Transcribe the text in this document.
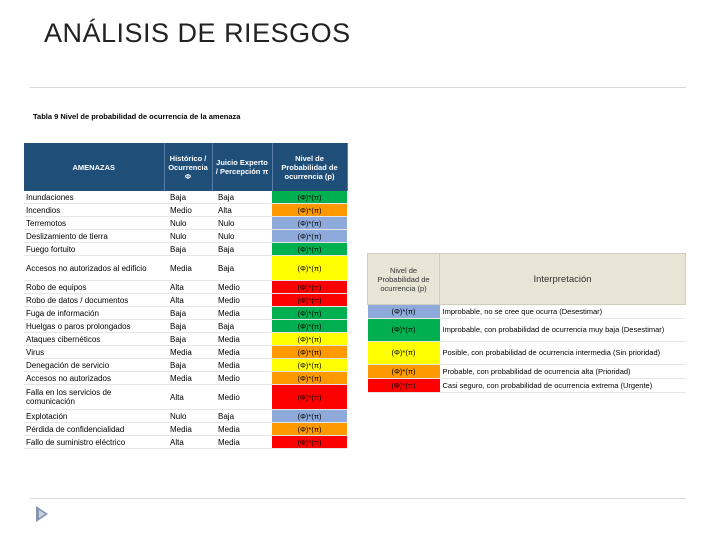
ANÁLISIS DE RIESGOS
Tabla 9 Nivel de probabilidad de ocurrencia de la amenaza
AMENAZAS	Histórico / Ocurrencia Φ	Juicio Experto / Percepción π	Nivel de Probabilidad de ocurrencia (p)
Inundaciones	Baja	Baja	(Φ)*(π)
Incendios	Medio	Alta	(Φ)*(π)
Terremotos	Nulo	Nulo	(Φ)*(π)
Deslizamiento de tierra	Nulo	Nulo	(Φ)*(π)
Fuego fortuito	Baja	Baja	(Φ)*(π)
Accesos no autorizados al edificio	Media	Baja	(Φ)*(π)
Robo de equipos	Alta	Medio	(Φ)*(π)
Robo de datos / documentos	Alta	Medio	(Φ)*(π)
Fuga de información	Baja	Media	(Φ)*(π)
Huelgas o paros prolongados	Baja	Baja	(Φ)*(π)
Ataques cibernéticos	Baja	Media	(Φ)*(π)
Virus	Media	Media	(Φ)*(π)
Denegación de servicio	Baja	Media	(Φ)*(π)
Accesos no autorizados	Media	Medio	(Φ)*(π)
Falla en los servicios de comunicación	Alta	Medio	(Φ)*(π)
Explotación	Nulo	Baja	(Φ)*(π)
Pérdida de confidencialidad	Media	Media	(Φ)*(π)
Fallo de suministro eléctrico	Alta	Media	(Φ)*(π)
Nivel de Probabilidad de ocurrencia (p)	Interpretación
(Φ)*(π)	Improbable, no se cree que ocurra (Desestimar)
(Φ)*(π)	Improbable, con probabilidad de ocurrencia muy baja (Desestimar)
(Φ)*(π)	Posible, con probabilidad de ocurrencia intermedia (Sin prioridad)
(Φ)*(π)	Probable, con probabilidad de ocurrencia alta (Prioridad)
(Φ)*(π)	Casi seguro, con probabilidad de ocurrencia extrema (Urgente)
